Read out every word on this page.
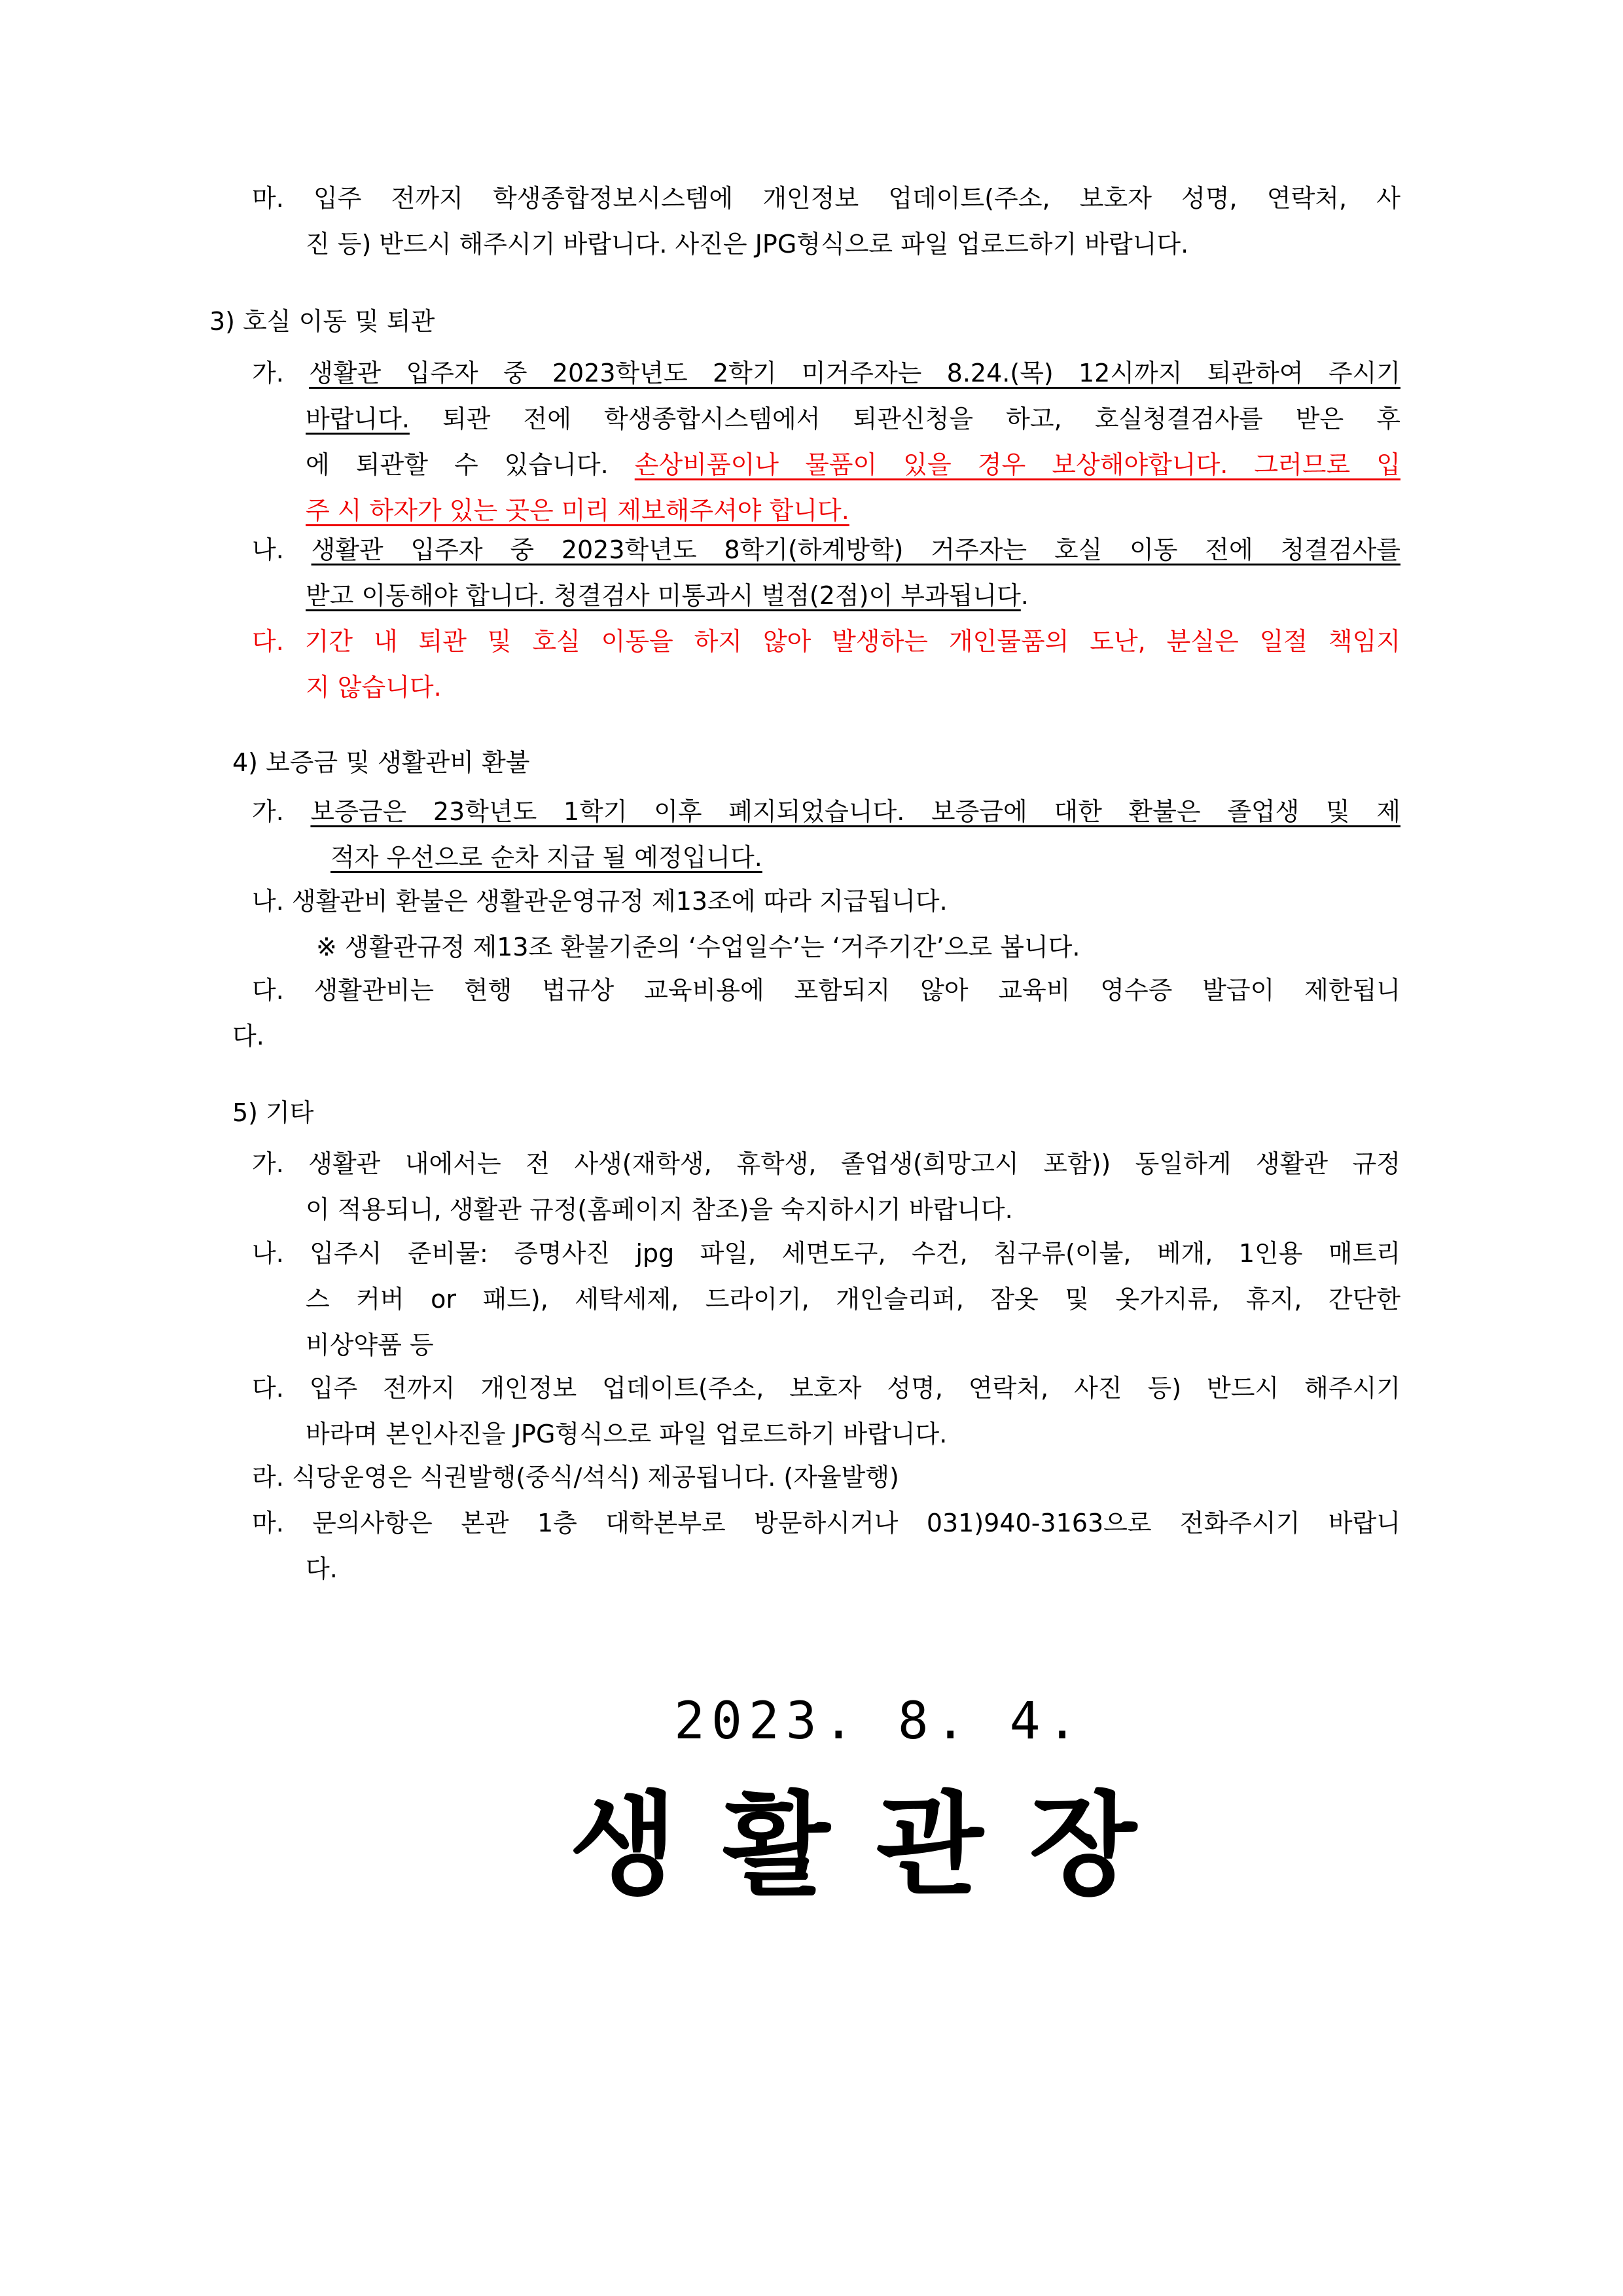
마. 입주 전까지 학생종합정보시스템에 개인정보 업데이트(주소, 보호자 성명, 연락처, 사
진 등) 반드시 해주시기 바랍니다. 사진은 JPG형식으로 파일 업로드하기 바랍니다.
3) 호실 이동 및 퇴관
가. 생활관 입주자 중 2023학년도 2학기 미거주자는 8.24.(목) 12시까지 퇴관하여 주시기
바랍니다. 퇴관 전에 학생종합시스템에서 퇴관신청을 하고, 호실청결검사를 받은 후
에 퇴관할 수 있습니다. 손상비품이나 물품이 있을 경우 보상해야합니다. 그러므로 입
주 시 하자가 있는 곳은 미리 제보해주셔야 합니다.
나. 생활관 입주자 중 2023학년도 8학기(하계방학) 거주자는 호실 이동 전에 청결검사를
받고 이동해야 합니다. 청결검사 미통과시 벌점(2점)이 부과됩니다.
다. 기간 내 퇴관 및 호실 이동을 하지 않아 발생하는 개인물품의 도난, 분실은 일절 책임지
지 않습니다.
4) 보증금 및 생활관비 환불
가. 보증금은 23학년도 1학기 이후 폐지되었습니다. 보증금에 대한 환불은 졸업생 및 제
적자 우선으로 순차 지급 될 예정입니다.
나. 생활관비 환불은 생활관운영규정 제13조에 따라 지급됩니다.
※ 생활관규정 제13조 환불기준의 ‘수업일수’는 ‘거주기간’으로 봅니다.
다. 생활관비는 현행 법규상 교육비용에 포함되지 않아 교육비 영수증 발급이 제한됩니
다.
5) 기타
가. 생활관 내에서는 전 사생(재학생, 휴학생, 졸업생(희망고시 포함)) 동일하게 생활관 규정
이 적용되니, 생활관 규정(홈페이지 참조)을 숙지하시기 바랍니다.
나. 입주시 준비물: 증명사진 jpg 파일, 세면도구, 수건, 침구류(이불, 베개, 1인용 매트리
스 커버 or 패드), 세탁세제, 드라이기, 개인슬리퍼, 잠옷 및 옷가지류, 휴지, 간단한
비상약품 등
다. 입주 전까지 개인정보 업데이트(주소, 보호자 성명, 연락처, 사진 등) 반드시 해주시기
바라며 본인사진을 JPG형식으로 파일 업로드하기 바랍니다.
라. 식당운영은 식권발행(중식/석식) 제공됩니다. (자율발행)
마. 문의사항은 본관 1층 대학본부로 방문하시거나 031)940-3163으로 전화주시기 바랍니
다.
2023. 8. 4.
생활관장
